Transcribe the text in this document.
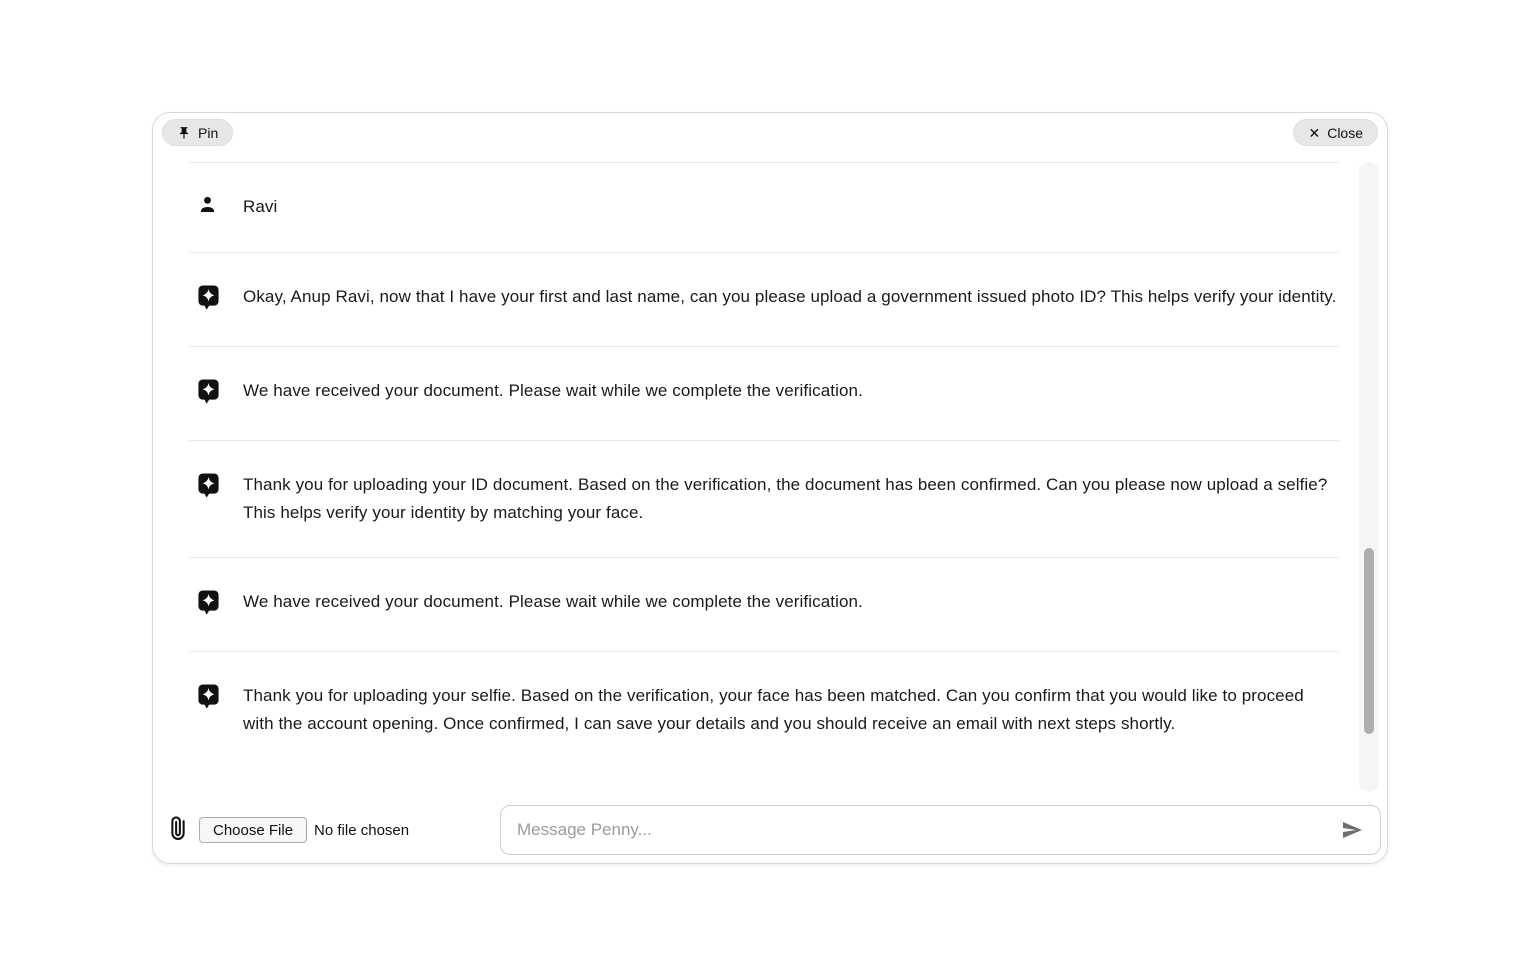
Pin	✕ Close
Ravi
Okay, Anup Ravi, now that I have your first and last name, can you please upload a government issued photo ID? This helps verify your identity.
We have received your document. Please wait while we complete the verification.
Thank you for uploading your ID document. Based on the verification, the document has been confirmed. Can you please now upload a selfie? This helps verify your identity by matching your face.
We have received your document. Please wait while we complete the verification.
Thank you for uploading your selfie. Based on the verification, your face has been matched. Can you confirm that you would like to proceed with the account opening. Once confirmed, I can save your details and you should receive an email with next steps shortly.
Choose File	No file chosen
Message Penny...
